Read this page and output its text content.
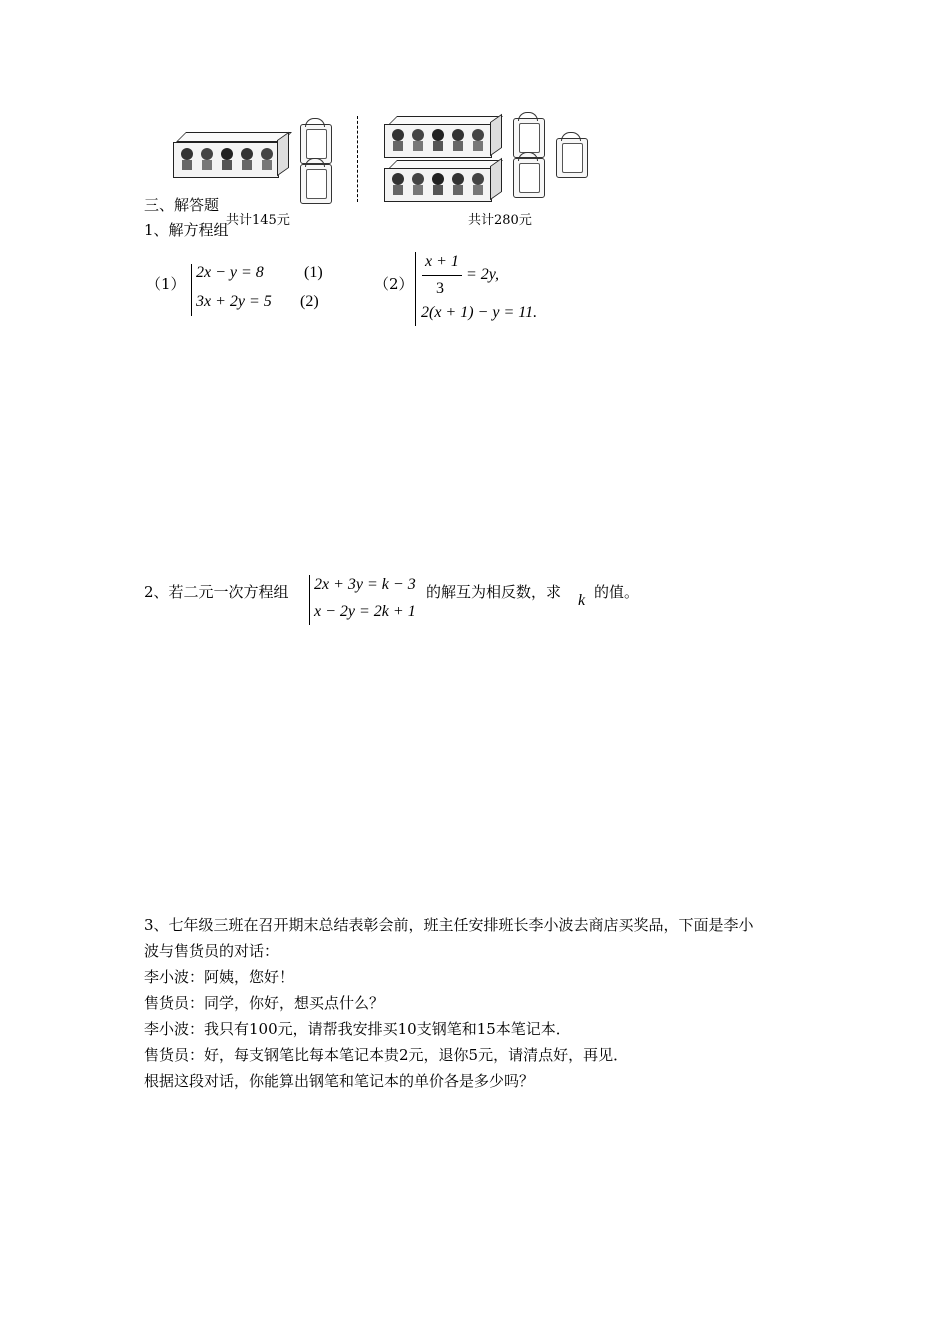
共计145元	共计280元
三、解答题
1、解方程组
（1）
2x − y = 8	(1)
3x + 2y = 5 (2)
（2）
x + 1
3
= 2y,
2(x + 1) − y = 11.
2、若二元一次方程组 2x + 3y = k − 3
x − 2y = 2k + 1
的解互为相反数，求 k 的值。
3、七年级三班在召开期末总结表彰会前，班主任安排班长李小波去商店买奖品，下面是李小
波与售货员的对话：
李小波：阿姨，您好！
售货员：同学，你好，想买点什么？
李小波：我只有100元，请帮我安排买10支钢笔和15本笔记本．
售货员：好，每支钢笔比每本笔记本贵2元，退你5元，请清点好，再见．
根据这段对话，你能算出钢笔和笔记本的单价各是多少吗？
